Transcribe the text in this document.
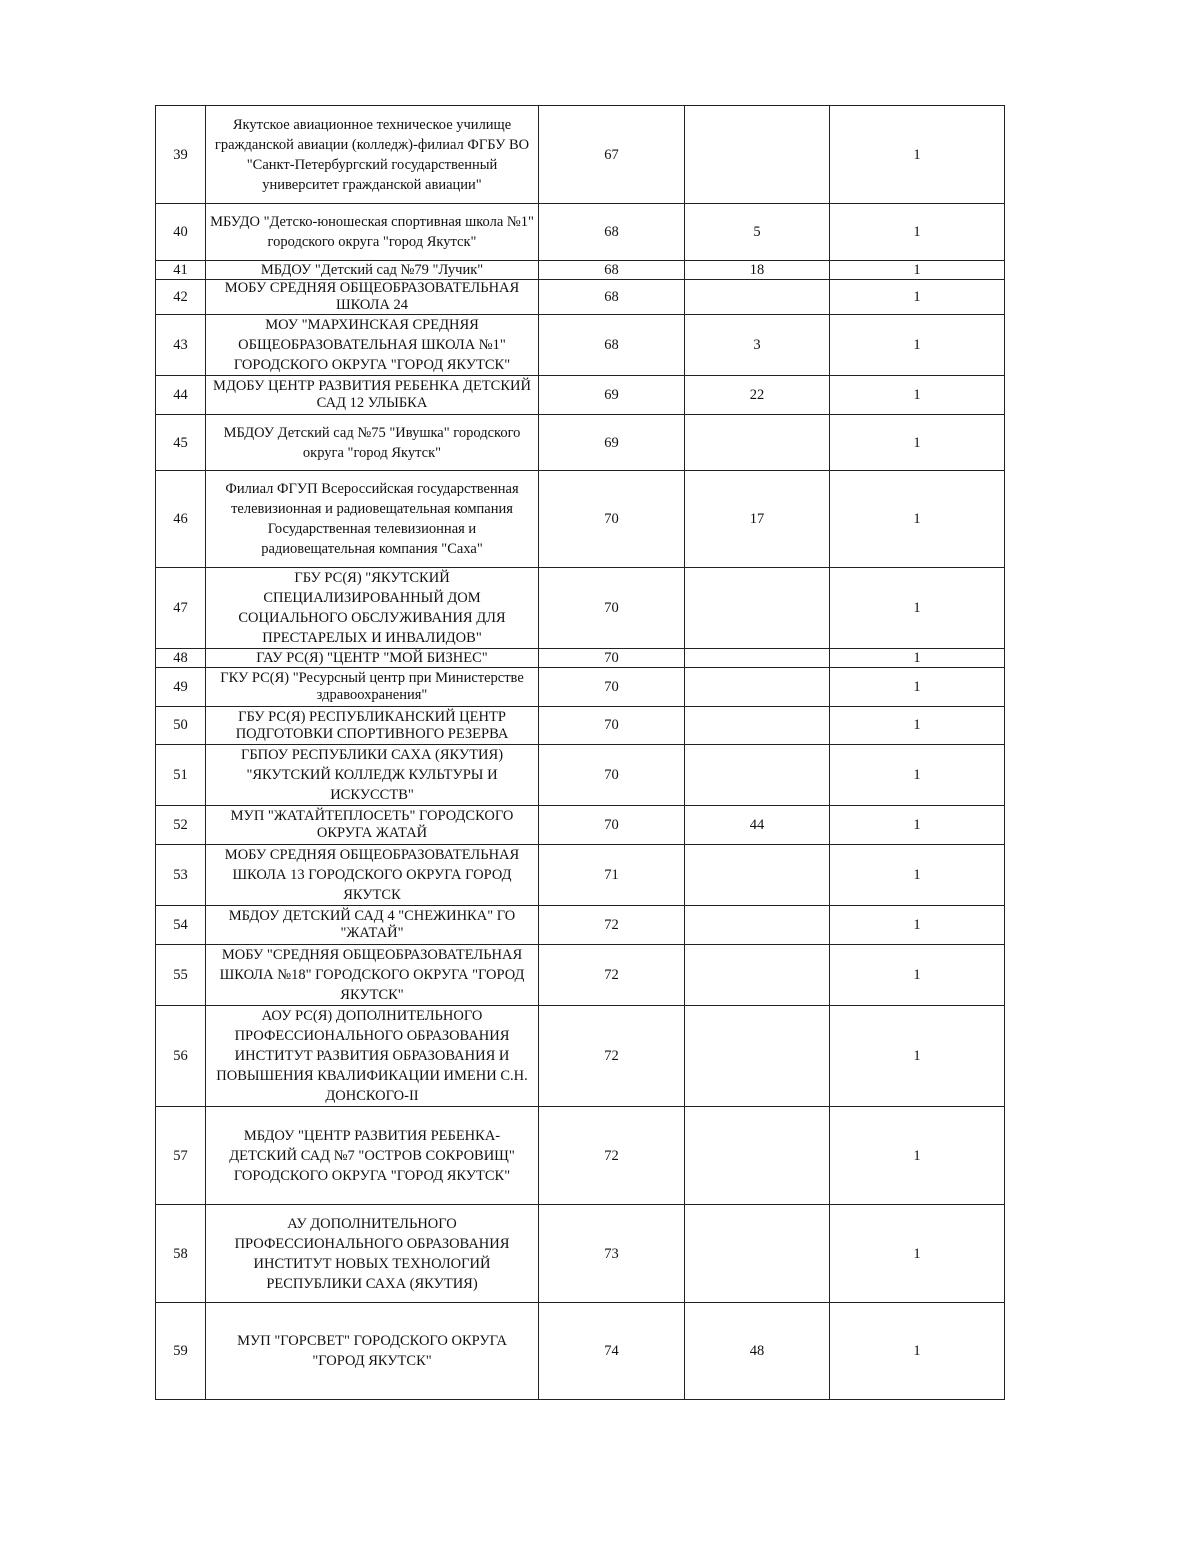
39	Якутское авиационное техническое училище гражданской авиации (колледж)-филиал ФГБУ ВО "Санкт-Петербургский государственный университет гражданской авиации"	67		1
40	МБУДО "Детско-юношеская спортивная школа №1" городского округа "город Якутск"	68	5	1
41	МБДОУ "Детский сад №79 "Лучик"	68	18	1
42	МОБУ СРЕДНЯЯ ОБЩЕОБРАЗОВАТЕЛЬНАЯ ШКОЛА 24	68		1
43	МОУ "МАРХИНСКАЯ СРЕДНЯЯ ОБЩЕОБРАЗОВАТЕЛЬНАЯ ШКОЛА №1" ГОРОДСКОГО ОКРУГА "ГОРОД ЯКУТСК"	68	3	1
44	МДОБУ ЦЕНТР РАЗВИТИЯ РЕБЕНКА ДЕТСКИЙ САД 12 УЛЫБКА	69	22	1
45	МБДОУ Детский сад №75 "Ивушка" городского округа "город Якутск"	69		1
46	Филиал ФГУП Всероссийская государственная телевизионная и радиовещательная компания Государственная телевизионная и радиовещательная компания "Саха"	70	17	1
47	ГБУ РС(Я) "ЯКУТСКИЙ СПЕЦИАЛИЗИРОВАННЫЙ ДОМ СОЦИАЛЬНОГО ОБСЛУЖИВАНИЯ ДЛЯ ПРЕСТАРЕЛЫХ И ИНВАЛИДОВ"	70		1
48	ГАУ РС(Я) "ЦЕНТР "МОЙ БИЗНЕС"	70		1
49	ГКУ РС(Я) "Ресурсный центр при Министерстве здравоохранения"	70		1
50	ГБУ РС(Я) РЕСПУБЛИКАНСКИЙ ЦЕНТР ПОДГОТОВКИ СПОРТИВНОГО РЕЗЕРВА	70		1
51	ГБПОУ РЕСПУБЛИКИ САХА (ЯКУТИЯ) "ЯКУТСКИЙ КОЛЛЕДЖ КУЛЬТУРЫ И ИСКУССТВ"	70		1
52	МУП "ЖАТАЙТЕПЛОСЕТЬ" ГОРОДСКОГО ОКРУГА ЖАТАЙ	70	44	1
53	МОБУ СРЕДНЯЯ ОБЩЕОБРАЗОВАТЕЛЬНАЯ ШКОЛА 13 ГОРОДСКОГО ОКРУГА ГОРОД ЯКУТСК	71		1
54	МБДОУ ДЕТСКИЙ САД 4 "СНЕЖИНКА" ГО "ЖАТАЙ"	72		1
55	МОБУ "СРЕДНЯЯ ОБЩЕОБРАЗОВАТЕЛЬНАЯ ШКОЛА №18" ГОРОДСКОГО ОКРУГА "ГОРОД ЯКУТСК"	72		1
56	АОУ РС(Я) ДОПОЛНИТЕЛЬНОГО ПРОФЕССИОНАЛЬНОГО ОБРАЗОВАНИЯ ИНСТИТУТ РАЗВИТИЯ ОБРАЗОВАНИЯ И ПОВЫШЕНИЯ КВАЛИФИКАЦИИ ИМЕНИ С.Н. ДОНСКОГО-II	72		1
57	МБДОУ "ЦЕНТР РАЗВИТИЯ РЕБЕНКА-ДЕТСКИЙ САД №7 "ОСТРОВ СОКРОВИЩ" ГОРОДСКОГО ОКРУГА "ГОРОД ЯКУТСК"	72		1
58	АУ ДОПОЛНИТЕЛЬНОГО ПРОФЕССИОНАЛЬНОГО ОБРАЗОВАНИЯ ИНСТИТУТ НОВЫХ ТЕХНОЛОГИЙ РЕСПУБЛИКИ САХА (ЯКУТИЯ)	73		1
59	МУП "ГОРСВЕТ" ГОРОДСКОГО ОКРУГА "ГОРОД ЯКУТСК"	74	48	1
